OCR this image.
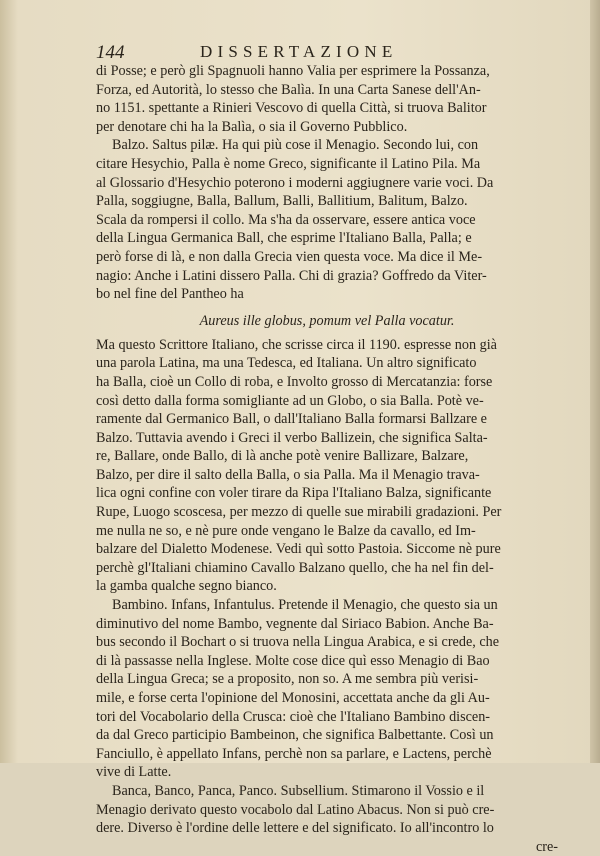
144	DISSERTAZIONE
di Posse; e però gli Spagnuoli hanno Valia per esprimere la Possanza,
Forza, ed Autorità, lo stesso che Balìa. In una Carta Sanese dell'An-
no 1151. spettante a Rinieri Vescovo di quella Città, si truova Balitor
per denotare chi ha la Balìa, o sia il Governo Pubblico.
Balzo. Saltus pilæ. Ha qui più cose il Menagio. Secondo lui, con
citare Hesychio, Palla è nome Greco, significante il Latino Pila. Ma
al Glossario d'Hesychio poterono i moderni aggiugnere varie voci. Da
Palla, soggiugne, Balla, Ballum, Balli, Ballitium, Balitum, Balzo.
Scala da rompersi il collo. Ma s'ha da osservare, essere antica voce
della Lingua Germanica Ball, che esprime l'Italiano Balla, Palla; e
però forse di là, e non dalla Grecia vien questa voce. Ma dice il Me-
nagio: Anche i Latini dissero Palla. Chi di grazia? Goffredo da Viter-
bo nel fine del Pantheo ha
Aureus ille globus, pomum vel Palla vocatur.
Ma questo Scrittore Italiano, che scrisse circa il 1190. espresse non già
una parola Latina, ma una Tedesca, ed Italiana. Un altro significato
ha Balla, cioè un Collo di roba, e Involto grosso di Mercatanzia: forse
così detto dalla forma somigliante ad un Globo, o sia Balla. Potè ve-
ramente dal Germanico Ball, o dall'Italiano Balla formarsi Ballzare e
Balzo. Tuttavia avendo i Greci il verbo Ballizein, che significa Salta-
re, Ballare, onde Ballo, di là anche potè venire Ballizare, Balzare,
Balzo, per dire il salto della Balla, o sia Palla. Ma il Menagio trava-
lica ogni confine con voler tirare da Ripa l'Italiano Balza, significante
Rupe, Luogo scoscesa, per mezzo di quelle sue mirabili gradazioni. Per
me nulla ne so, e nè pure onde vengano le Balze da cavallo, ed Im-
balzare del Dialetto Modenese. Vedi quì sotto Pastoia. Siccome nè pure
perchè gl'Italiani chiamino Cavallo Balzano quello, che ha nel fin del-
la gamba qualche segno bianco.
Bambino. Infans, Infantulus. Pretende il Menagio, che questo sia un
diminutivo del nome Bambo, vegnente dal Siriaco Babion. Anche Ba-
bus secondo il Bochart o si truova nella Lingua Arabica, e si crede, che
di là passasse nella Inglese. Molte cose dice quì esso Menagio di Bao
della Lingua Greca; se a proposito, non so. A me sembra più verisi-
mile, e forse certa l'opinione del Monosini, accettata anche da gli Au-
tori del Vocabolario della Crusca: cioè che l'Italiano Bambino discen-
da dal Greco participio Bambeinon, che significa Balbettante. Così un
Fanciullo, è appellato Infans, perchè non sa parlare, e Lactens, perchè
vive di Latte.
Banca, Banco, Panca, Panco. Subsellium. Stimarono il Vossio e il
Menagio derivato questo vocabolo dal Latino Abacus. Non si può cre-
dere. Diverso è l'ordine delle lettere e del significato. Io all'incontro lo
cre-
